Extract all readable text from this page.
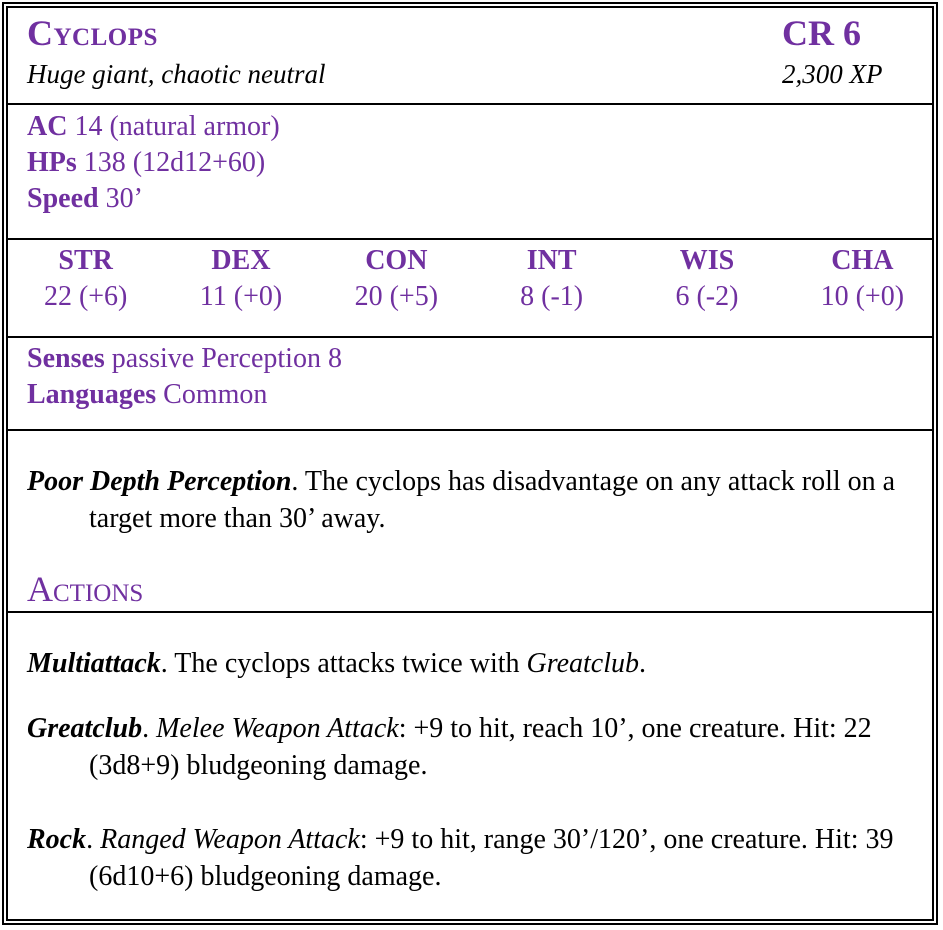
Cyclops
Huge giant, chaotic neutral
CR 6
2,300 XP
AC 14 (natural armor)
HPs 138 (12d12+60)
Speed 30’
STR
22 (+6)
DEX
11 (+0)
CON
20 (+5)
INT
8 (-1)
WIS
6 (-2)
CHA
10 (+0)
Senses passive Perception 8
Languages Common
Poor Depth Perception. The cyclops has disadvantage on any attack roll on a target more than 30’ away.
Actions
Multiattack. The cyclops attacks twice with Greatclub.
Greatclub. Melee Weapon Attack: +9 to hit, reach 10’, one creature. Hit: 22 (3d8+9) bludgeoning damage.
Rock. Ranged Weapon Attack: +9 to hit, range 30’/120’, one creature. Hit: 39 (6d10+6) bludgeoning damage.
